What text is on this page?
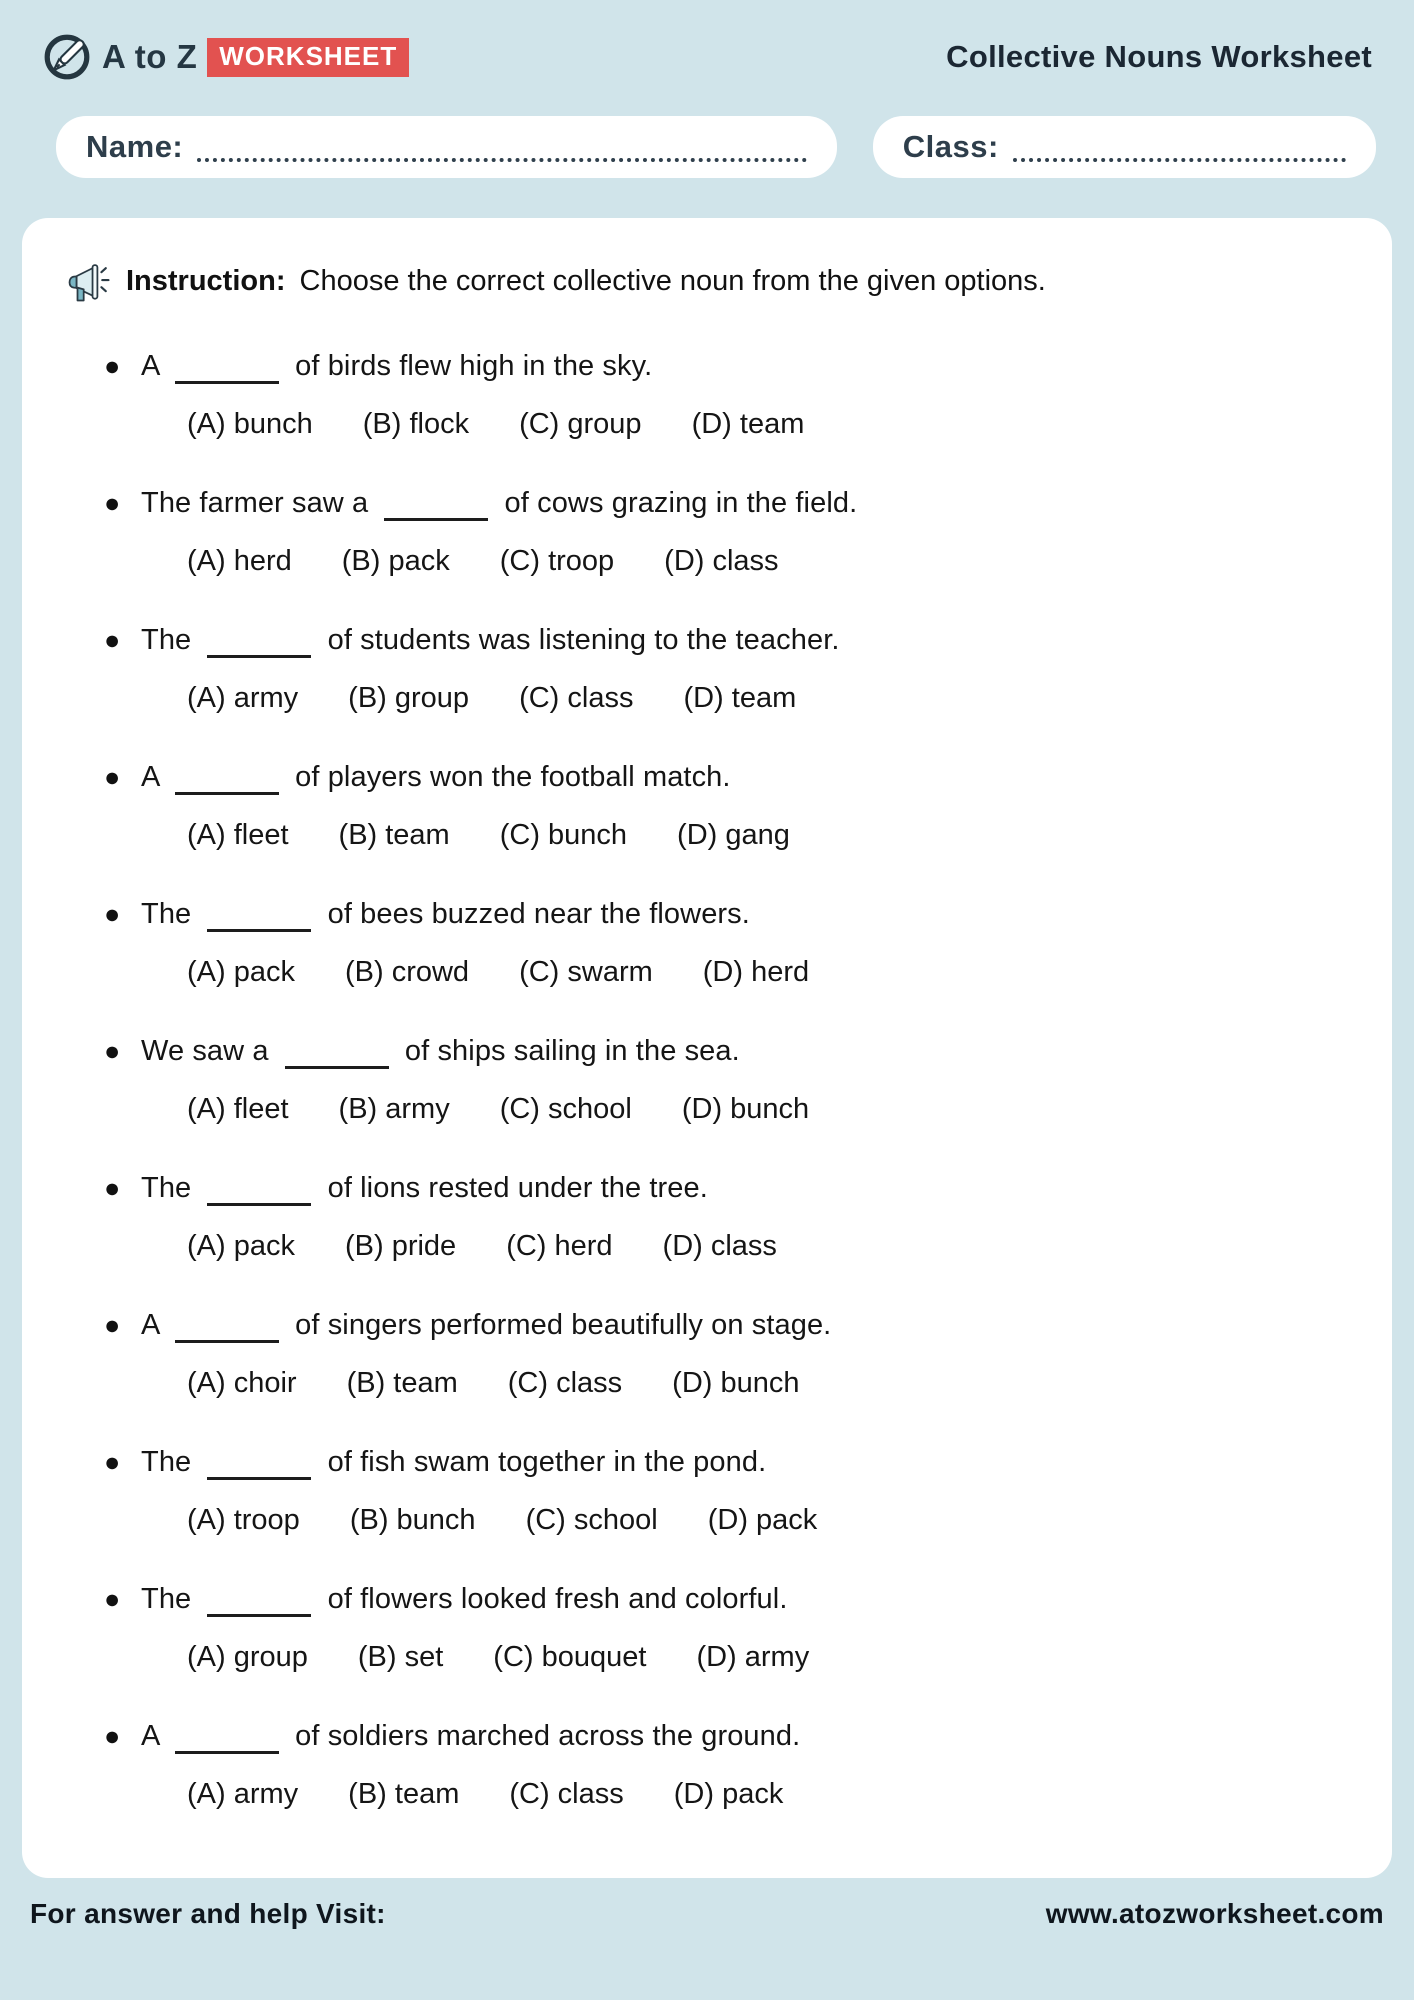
A to Z WORKSHEET	Collective Nouns Worksheet
Name:	Class:
Instruction: Choose the correct collective noun from the given options.
● A	of birds flew high in the sky.
(A) bunch (B) flock (C) group (D) team
● The farmer saw a	of cows grazing in the field.
(A) herd (B) pack (C) troop (D) class
● The	of students was listening to the teacher.
(A) army (B) group (C) class (D) team
● A	of players won the football match.
(A) fleet (B) team (C) bunch (D) gang
● The	of bees buzzed near the flowers.
(A) pack (B) crowd (C) swarm (D) herd
● We saw a	of ships sailing in the sea.
(A) fleet (B) army (C) school (D) bunch
● The	of lions rested under the tree.
(A) pack (B) pride (C) herd (D) class
● A	of singers performed beautifully on stage.
(A) choir (B) team (C) class (D) bunch
● The	of fish swam together in the pond.
(A) troop (B) bunch (C) school (D) pack
● The	of flowers looked fresh and colorful.
(A) group (B) set (C) bouquet (D) army
● A	of soldiers marched across the ground.
(A) army (B) team (C) class (D) pack
For answer and help Visit:	www.atozworksheet.com
